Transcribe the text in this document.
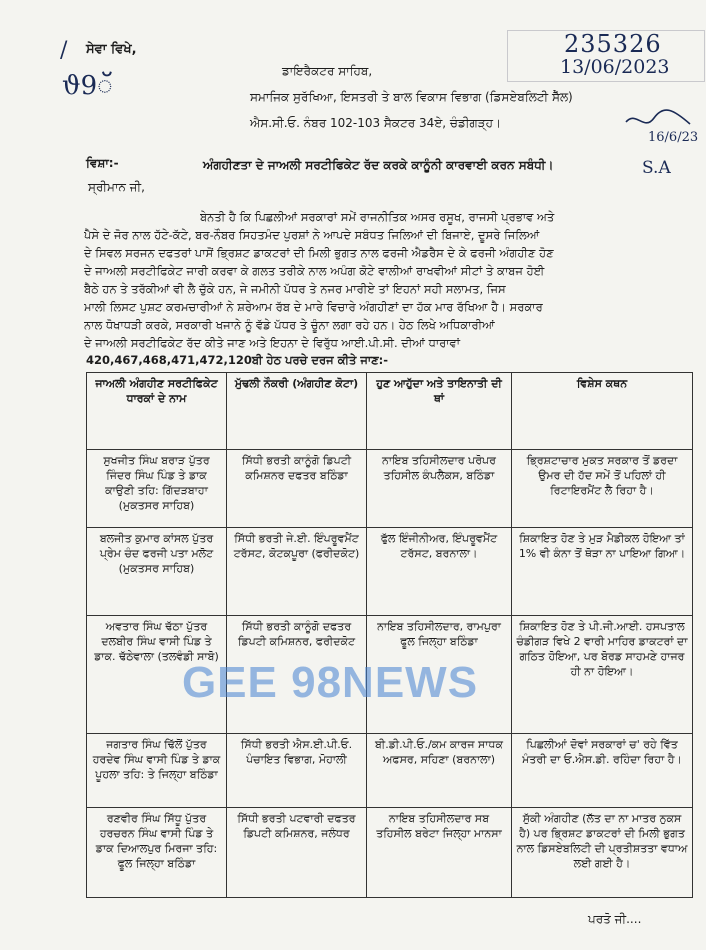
/ ਸੇਵਾ ਵਿਖੇ,
ϑ9ॅ
235326
13/06/2023
16/6/23
S.A
ਡਾਇਰੈਕਟਰ ਸਾਹਿਬ,
ਸਮਾਜਿਕ ਸੁਰੱਖਿਆ, ਇਸਤਰੀ ਤੇ ਬਾਲ ਵਿਕਾਸ ਵਿਭਾਗ (ਡਿਸਏਬਲਿਟੀ ਸੈੱਲ)
ਐਸ.ਸੀ.ਓ. ਨੰਬਰ 102-103 ਸੈਕਟਰ 34ਏ, ਚੰਡੀਗੜ੍ਹ।
ਵਿਸ਼ਾ:-	ਅੰਗਹੀਣਤਾ ਦੇ ਜਾਅਲੀ ਸਰਟੀਫਿਕੇਟ ਰੱਦ ਕਰਕੇ ਕਾਨੂੰਨੀ ਕਾਰਵਾਈ ਕਰਨ ਸਬੰਧੀ।
ਸ੍ਰੀਮਾਨ ਜੀ,
ਬੇਨਤੀ ਹੈ ਕਿ ਪਿਛਲੀਆਂ ਸਰਕਾਰਾਂ ਸਮੇਂ ਰਾਜਨੀਤਿਕ ਅਸਰ ਰਸੂਖ, ਰਾਜਸੀ ਪ੍ਰਭਾਵ ਅਤੇ
ਪੈਸੇ ਦੇ ਜੋਰ ਨਾਲ ਹੱਟੇ-ਕੱਟੇ, ਬਰ-ਨੌਬਰ ਸਿਹਤਮੰਦ ਪੁਰਸ਼ਾਂ ਨੇ ਆਪਦੇ ਸਬੰਧਤ ਜਿਲਿਆਂ ਦੀ ਬਿਜਾਏ, ਦੂਸਰੇ ਜਿਲਿਆਂ
ਦੇ ਸਿਵਲ ਸਰਜਨ ਦਫਤਰਾਂ ਪਾਸੋਂ ਭ੍ਰਿਸ਼ਟ ਡਾਕਟਰਾਂ ਦੀ ਮਿਲੀ ਭੁਗਤ ਨਾਲ ਫਰਜੀ ਐਡਰੈਸ ਦੇ ਕੇ ਫਰਜੀ ਅੰਗਹੀਣ ਹੋਣ
ਦੇ ਜਾਅਲੀ ਸਰਟੀਫਿਕੇਟ ਜਾਰੀ ਕਰਵਾ ਕੇ ਗਲਤ ਤਰੀਕੇ ਨਾਲ ਅਪੰਗ ਕੋਟੇ ਵਾਲੀਆਂ ਰਾਖਵੀਆਂ ਸੀਟਾਂ ਤੇ ਕਾਬਜ ਹੋਈ
ਬੈਠੇ ਹਨ ਤੇ ਤਰੱਕੀਆਂ ਵੀ ਲੈ ਚੁੱਕੇ ਹਨ, ਜੇ ਜਮੀਨੀ ਪੱਧਰ ਤੇ ਨਜਰ ਮਾਰੀਏ ਤਾਂ ਇਹਨਾਂ ਸਹੀ ਸਲਾਮਤ, ਜਿਸ
ਮਾਲੀ ਲਿਸਟ ਪੁਸ਼ਟ ਕਰਮਚਾਰੀਆਂ ਨੇ ਸ਼ਰੇਆਮ ਰੱਬ ਦੇ ਮਾਰੇ ਵਿਚਾਰੇ ਅੰਗਹੀਣਾਂ ਦਾ ਹੱਕ ਮਾਰ ਰੱਖਿਆ ਹੈ। ਸਰਕਾਰ
ਨਾਲ ਧੋਖਾਧੜੀ ਕਰਕੇ, ਸਰਕਾਰੀ ਖਜਾਨੇ ਨੂੰ ਵੱਡੇ ਪੱਧਰ ਤੇ ਚੂੰਨਾ ਲਗਾ ਰਹੇ ਹਨ। ਹੇਠ ਲਿਖੇ ਅਧਿਕਾਰੀਆਂ
ਦੇ ਜਾਅਲੀ ਸਰਟੀਫਿਕੇਟ ਰੱਦ ਕੀਤੇ ਜਾਣ ਅਤੇ ਇਹਨਾ ਦੇ ਵਿਰੁੱਧ ਆਈ.ਪੀ.ਸੀ. ਦੀਆਂ ਧਾਰਾਵਾਂ
ਜਾਅਲੀ ਅੰਗਹੀਣ ਸਰਟੀਫਿਕੇਟ ਧਾਰਕਾਂ ਦੇ ਨਾਮ	ਮੁੱਢਲੀ ਨੌਕਰੀ (ਅੰਗਹੀਣ ਕੋਟਾ)	ਹੁਣ ਆਹੁੱਦਾ ਅਤੇ ਤਾਇਨਾਤੀ ਦੀ ਥਾਂ	ਵਿਸ਼ੇਸ ਕਥਨ
ਸੁਖਜੀਤ ਸਿੰਘ ਬਰਾੜ ਪੁੱਤਰ ਜਿੰਦਰ ਸਿੰਘ ਪਿੰਡ ਤੇ ਡਾਕ ਕਾਉਣੀ ਤਹਿ: ਗਿੱਦੜਬਾਹਾ (ਮੁਕਤਸਰ ਸਾਹਿਬ)	ਸਿੱਧੀ ਭਰਤੀ ਕਾਨੂੰਗੋ ਡਿਪਟੀ ਕਮਿਸ਼ਨਰ ਦਫਤਰ ਬਠਿੰਡਾ	ਨਾਇਬ ਤਹਿਸੀਲਦਾਰ ਪਰੋਪਰ ਤਹਿਸੀਲ ਕੰਪਲੈਕਸ, ਬਠਿੰਡਾ	ਭ੍ਰਿਸ਼ਟਾਚਾਰ ਮੁਕਤ ਸਰਕਾਰ ਤੋਂ ਡਰਦਾ ਉਮਰ ਦੀ ਹੱਦ ਸਮੇਂ ਤੋਂ ਪਹਿਲਾਂ ਹੀ ਰਿਟਾਇਰਮੈਂਟ ਲੈ ਰਿਹਾ ਹੈ।
ਬਲਜੀਤ ਕੁਮਾਰ ਕਾਂਸਲ ਪੁੱਤਰ ਪ੍ਰੇਮ ਚੰਦ ਫਰਜੀ ਪਤਾ ਮਲੋਟ (ਮੁਕਤਸਰ ਸਾਹਿਬ)	ਸਿੱਧੀ ਭਰਤੀ ਜੇ.ਈ. ਇੰਪਰੂਵਮੈਂਟ ਟਰੱਸਟ, ਕੋਟਕਪੂਰਾ (ਫਰੀਦਕੋਟ)	ਫੁੱਲ ਇੰਜੀਨੀਅਰ, ਇੰਪਰੂਵਮੈਂਟ ਟਰੱਸਟ, ਬਰਨਾਲਾ।	ਸ਼ਿਕਾਇਤ ਹੋਣ ਤੇ ਮੁੜ ਮੈਡੀਕਲ ਹੋਇਆ ਤਾਂ 1% ਵੀ ਕੰਨਾ ਤੋਂ ਥੋੜਾ ਨਾ ਪਾਇਆ ਗਿਆ।
ਅਵਤਾਰ ਸਿੰਘ ਢੱਠਾ ਪੁੱਤਰ ਦਲਬੀਰ ਸਿੰਘ ਵਾਸੀ ਪਿੰਡ ਤੇ ਡਾਕ. ਢੱਠੇਵਾਲਾ (ਤਲਵੰਡੀ ਸਾਬੋ)	ਸਿੱਧੀ ਭਰਤੀ ਕਾਨੂੰਗੋ ਦਫਤਰ ਡਿਪਟੀ ਕਮਿਸ਼ਨਰ, ਫਰੀਦਕੋਟ	ਨਾਇਬ ਤਹਿਸੀਲਦਾਰ, ਰਾਮਪੁਰਾ ਫੂਲ ਜਿਲ੍ਹਾ ਬਠਿੰਡਾ	ਸ਼ਿਕਾਇਤ ਹੋਣ ਤੇ ਪੀ.ਜੀ.ਆਈ. ਹਸਪਤਾਲ ਚੰਡੀਗੜ ਵਿਖੇ 2 ਵਾਰੀ ਮਾਹਿਰ ਡਾਕਟਰਾਂ ਦਾ ਗਠਿਤ ਹੋਇਆ, ਪਰ ਬੋਰਡ ਸਾਹਮਣੇ ਹਾਜਰ ਹੀ ਨਾ ਹੋਇਆ।
ਜਗਤਾਰ ਸਿੰਘ ਢਿੱਲੋਂ ਪੁੱਤਰ ਹਰਦੇਵ ਸਿੰਘ ਵਾਸੀ ਪਿੰਡ ਤੇ ਡਾਕ ਪੂਹਲਾ ਤਹਿ: ਤੇ ਜਿਲ੍ਹਾ ਬਠਿੰਡਾ	ਸਿੱਧੀ ਭਰਤੀ ਐਸ.ਈ.ਪੀ.ਓ. ਪੰਚਾਇਤ ਵਿਭਾਗ, ਮੋਹਾਲੀ	ਬੀ.ਡੀ.ਪੀ.ਓ./ਕਮ ਕਾਰਜ ਸਾਧਕ ਅਫਸਰ, ਸਹਿਣਾ (ਬਰਨਾਲਾ)	ਪਿਛਲੀਆਂ ਦੋਵਾਂ ਸਰਕਾਰਾਂ ਚ' ਰਹੇ ਵਿੱਤ ਮੰਤਰੀ ਦਾ ਓ.ਐਸ.ਡੀ. ਰਹਿੰਦਾ ਰਿਹਾ ਹੈ।
ਰਣਵੀਰ ਸਿੰਘ ਸਿੱਧੂ ਪੁੱਤਰ ਹਰਚਰਨ ਸਿੰਘ ਵਾਸੀ ਪਿੰਡ ਤੇ ਡਾਕ ਦਿਆਲਪੁਰ ਮਿਰਜਾ ਤਹਿ: ਫੂਲ ਜਿਲ੍ਹਾ ਬਠਿੰਡਾ	ਸਿੱਧੀ ਭਰਤੀ ਪਟਵਾਰੀ ਦਫਤਰ ਡਿਪਟੀ ਕਮਿਸ਼ਨਰ, ਜਲੰਧਰ	ਨਾਇਬ ਤਹਿਸੀਲਦਾਰ ਸਬ ਤਹਿਸੀਲ ਬਰੇਟਾ ਜਿਲ੍ਹਾ ਮਾਨਸਾ	ਸੁੱਕੀ ਅੰਗਹੀਣ (ਲੱਤ ਦਾ ਨਾ ਮਾਤਰ ਨੁਕਸ ਹੈ) ਪਰ ਭ੍ਰਿਸ਼ਟ ਡਾਕਟਰਾਂ ਦੀ ਮਿਲੀ ਭੁਗਤ ਨਾਲ ਡਿਸਏਬਲਿਟੀ ਦੀ ਪ੍ਰਤੀਸ਼ਤਤਾ ਵਧਾਅ ਲਈ ਗਈ ਹੈ।
420,467,468,471,472,120ਬੀ ਹੇਠ ਪਰਚੇ ਦਰਜ ਕੀਤੇ ਜਾਣ:-
GEE 98NEWS
ਪਰਤੋ ਜੀ....
